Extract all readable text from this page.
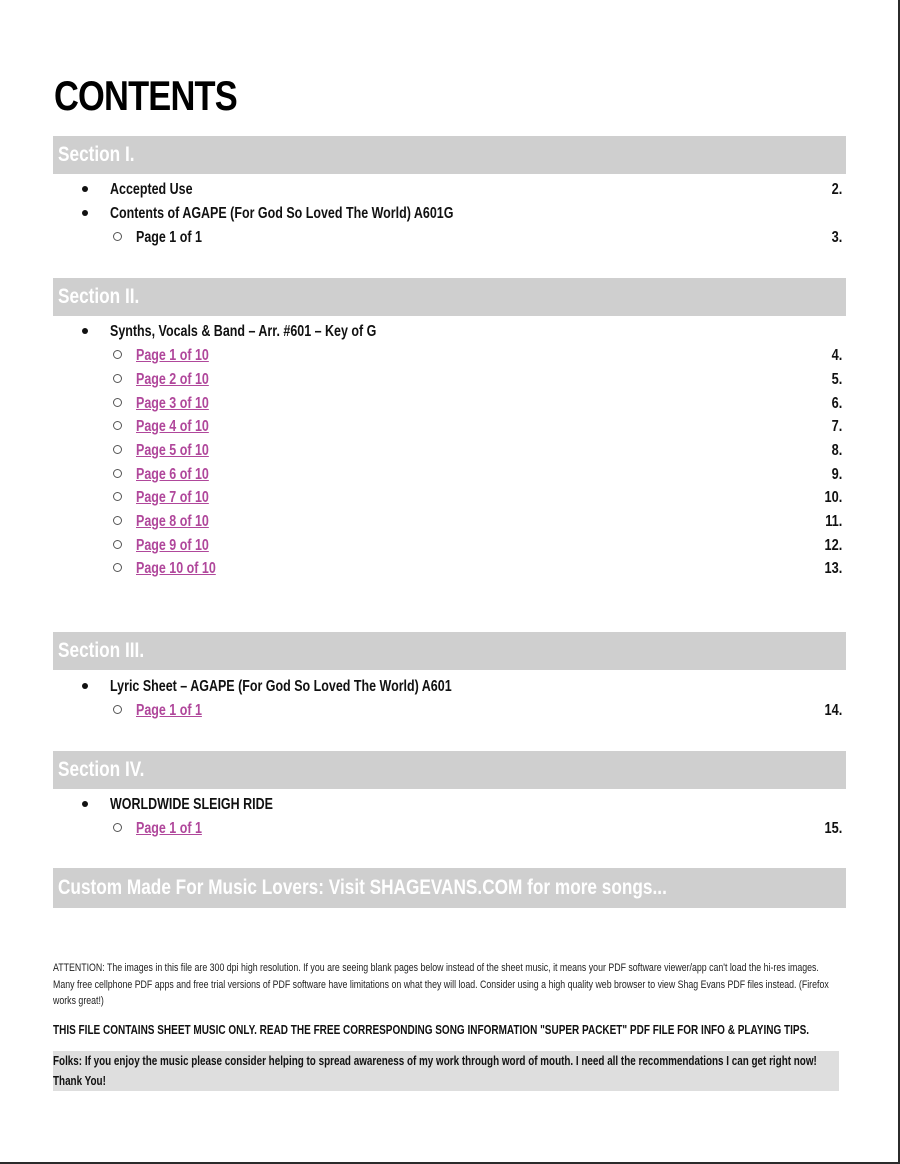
CONTENTS
Section I.
Accepted Use	2.
Contents of AGAPE (For God So Loved The World) A601G
Page 1 of 1	3.
Section II.
Synths, Vocals & Band – Arr. #601 – Key of G
Page 1 of 10	4.
Page 2 of 10	5.
Page 3 of 10	6.
Page 4 of 10	7.
Page 5 of 10	8.
Page 6 of 10	9.
Page 7 of 10	10.
Page 8 of 10	11.
Page 9 of 10	12.
Page 10 of 10	13.
Section III.
Lyric Sheet – AGAPE (For God So Loved The World) A601
Page 1 of 1	14.
Section IV.
WORLDWIDE SLEIGH RIDE
Page 1 of 1	15.
Custom Made For Music Lovers: Visit SHAGEVANS.COM for more songs...

ATTENTION: The images in this file are 300 dpi high resolution. If you are seeing blank pages below instead of the sheet music, it means your PDF software viewer/app can't load the hi-res images. Many free cellphone PDF apps and free trial versions of PDF software have limitations on what they will load. Consider using a high quality web browser to view Shag Evans PDF files instead. (Firefox works great!)

THIS FILE CONTAINS SHEET MUSIC ONLY. READ THE FREE CORRESPONDING SONG INFORMATION "SUPER PACKET" PDF FILE FOR INFO & PLAYING TIPS.

Folks: If you enjoy the music please consider helping to spread awareness of my work through word of mouth. I need all the recommendations I can get right now! Thank You!
